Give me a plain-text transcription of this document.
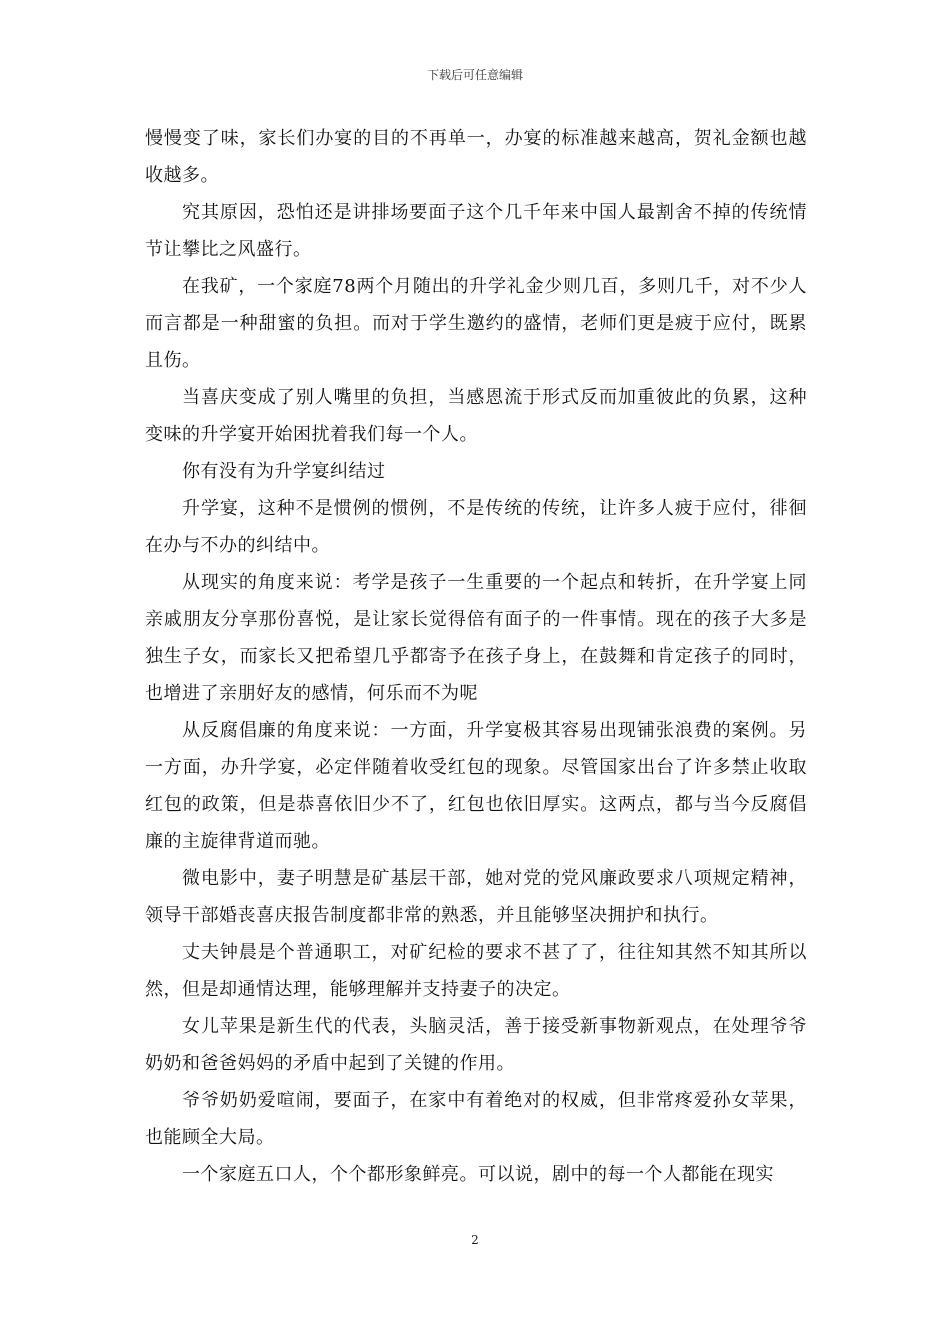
下载后可任意编辑

慢慢变了味，家长们办宴的目的不再单一，办宴的标准越来越高，贺礼金额也越收越多。

究其原因，恐怕还是讲排场要面子这个几千年来中国人最割舍不掉的传统情节让攀比之风盛行。

在我矿，一个家庭78两个月随出的升学礼金少则几百，多则几千，对不少人而言都是一种甜蜜的负担。而对于学生邀约的盛情，老师们更是疲于应付，既累且伤。

当喜庆变成了别人嘴里的负担，当感恩流于形式反而加重彼此的负累，这种变味的升学宴开始困扰着我们每一个人。

你有没有为升学宴纠结过

升学宴，这种不是惯例的惯例，不是传统的传统，让许多人疲于应付，徘徊在办与不办的纠结中。

从现实的角度来说：考学是孩子一生重要的一个起点和转折，在升学宴上同亲戚朋友分享那份喜悦，是让家长觉得倍有面子的一件事情。现在的孩子大多是独生子女，而家长又把希望几乎都寄予在孩子身上，在鼓舞和肯定孩子的同时，也增进了亲朋好友的感情，何乐而不为呢

从反腐倡廉的角度来说：一方面，升学宴极其容易出现铺张浪费的案例。另一方面，办升学宴，必定伴随着收受红包的现象。尽管国家出台了许多禁止收取红包的政策，但是恭喜依旧少不了，红包也依旧厚实。这两点，都与当今反腐倡廉的主旋律背道而驰。

微电影中，妻子明慧是矿基层干部，她对党的党风廉政要求八项规定精神，领导干部婚丧喜庆报告制度都非常的熟悉，并且能够坚决拥护和执行。

丈夫钟晨是个普通职工，对矿纪检的要求不甚了了，往往知其然不知其所以然，但是却通情达理，能够理解并支持妻子的决定。

女儿苹果是新生代的代表，头脑灵活，善于接受新事物新观点，在处理爷爷奶奶和爸爸妈妈的矛盾中起到了关键的作用。

爷爷奶奶爱喧闹，要面子，在家中有着绝对的权威，但非常疼爱孙女苹果，也能顾全大局。

一个家庭五口人，个个都形象鲜亮。可以说，剧中的每一个人都能在现实

2
